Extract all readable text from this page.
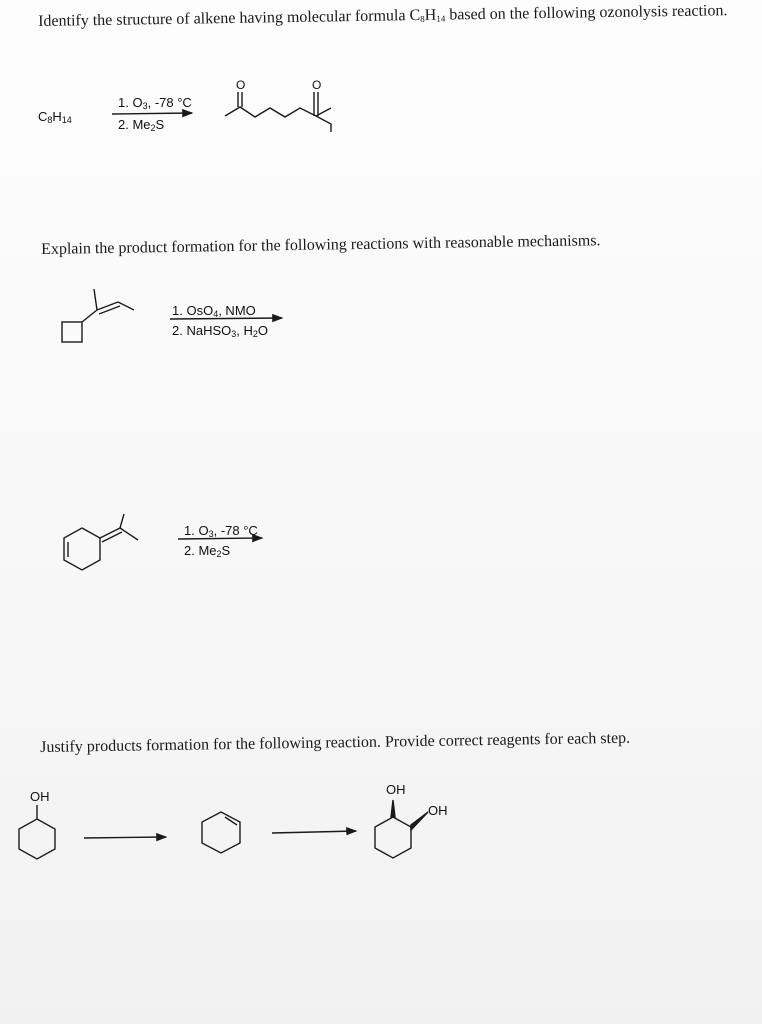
Identify the structure of alkene having molecular formula $C_8H_{14}$ based on the following ozonolysis reaction.
Explain the product formation for the following reactions with reasonable mechanisms.
Justify products formation for the following reaction. Provide correct reagents for each step.
$C_8H_{14}$
1. $O_3$, -78 °C
2. $Me_2S$
1. OsO$_4$, NMO
2. NaHSO$_3$, $H_2O$
1. $O_3$, -78 °C
2. $Me_2S$
OH	OH
OH
O	O
